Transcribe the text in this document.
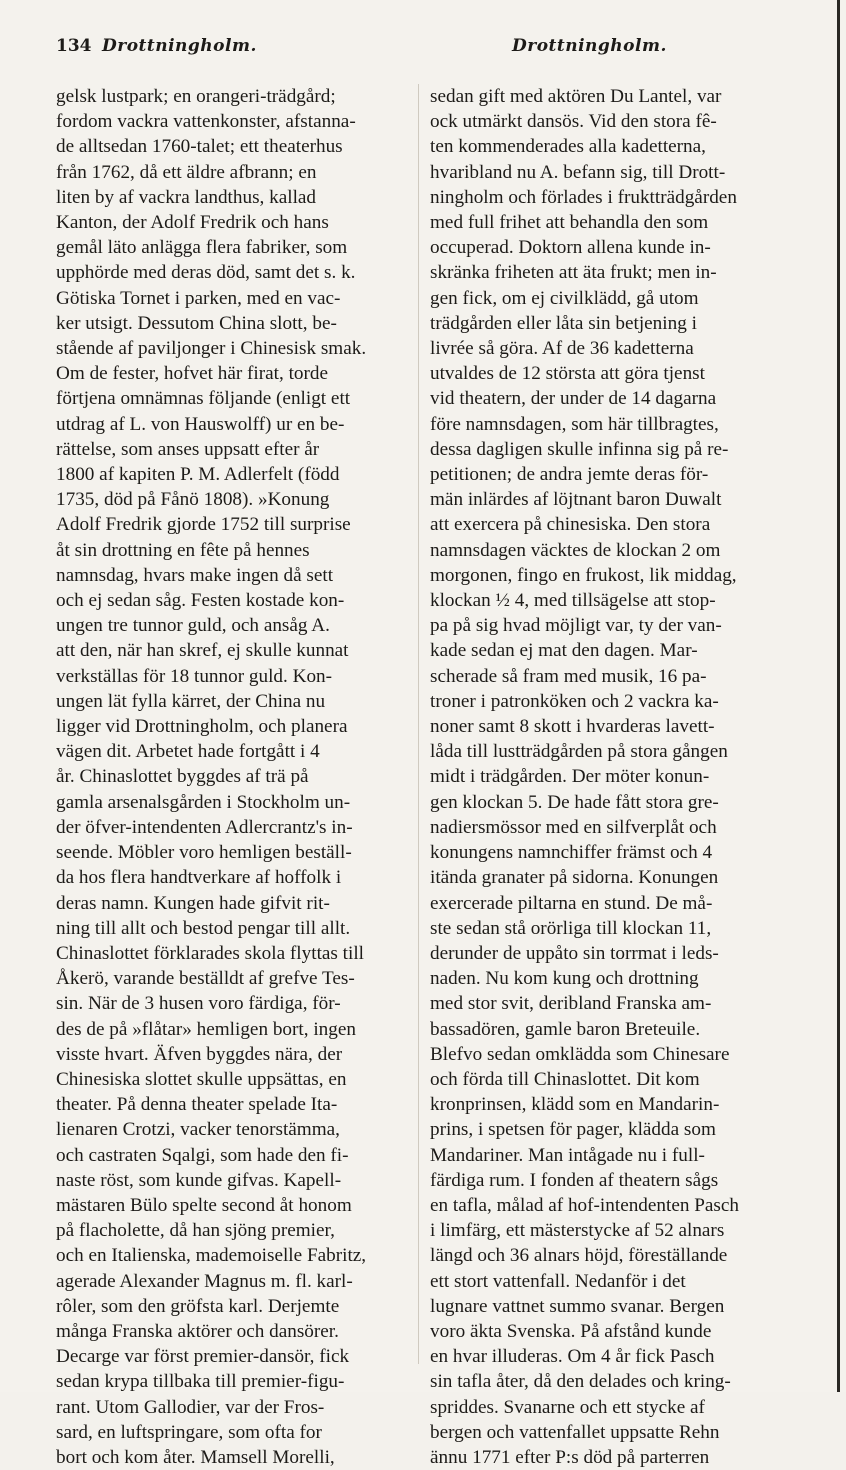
134 Drottningholm.	Drottningholm.
gelsk lustpark; en orangeri-trädgård;
fordom vackra vattenkonster, afstanna-
de alltsedan 1760-talet; ett theaterhus
från 1762, då ett äldre afbrann; en
liten by af vackra landthus, kallad
Kanton, der Adolf Fredrik och hans
gemål läto anlägga flera fabriker, som
upphörde med deras död, samt det s. k.
Götiska Tornet i parken, med en vac-
ker utsigt. Dessutom China slott, be-
stående af paviljonger i Chinesisk smak.
Om de fester, hofvet här firat, torde
förtjena omnämnas följande (enligt ett
utdrag af L. von Hauswolff) ur en be-
rättelse, som anses uppsatt efter år
1800 af kapiten P. M. Adlerfelt (född
1735, död på Fånö 1808). »Konung
Adolf Fredrik gjorde 1752 till surprise
åt sin drottning en fête på hennes
namnsdag, hvars make ingen då sett
och ej sedan såg. Festen kostade kon-
ungen tre tunnor guld, och ansåg A.
att den, när han skref, ej skulle kunnat
verkställas för 18 tunnor guld. Kon-
ungen lät fylla kärret, der China nu
ligger vid Drottningholm, och planera
vägen dit. Arbetet hade fortgått i 4
år. Chinaslottet byggdes af trä på
gamla arsenalsgården i Stockholm un-
der öfver-intendenten Adlercrantz's in-
seende. Möbler voro hemligen beställ-
da hos flera handtverkare af hoffolk i
deras namn. Kungen hade gifvit rit-
ning till allt och bestod pengar till allt.
Chinaslottet förklarades skola flyttas till
Åkerö, varande beställdt af grefve Tes-
sin. När de 3 husen voro färdiga, för-
des de på »flåtar» hemligen bort, ingen
visste hvart. Äfven byggdes nära, der
Chinesiska slottet skulle uppsättas, en
theater. På denna theater spelade Ita-
lienaren Crotzi, vacker tenorstämma,
och castraten Sqalgi, som hade den fi-
naste röst, som kunde gifvas. Kapell-
mästaren Bülo spelte second åt honom
på flacholette, då han sjöng premier,
och en Italienska, mademoiselle Fabritz,
agerade Alexander Magnus m. fl. karl-
rôler, som den gröfsta karl. Derjemte
många Franska aktörer och dansörer.
Decarge var först premier-dansör, fick
sedan krypa tillbaka till premier-figu-
rant. Utom Gallodier, var der Fros-
sard, en luftspringare, som ofta for
bort och kom åter. Mamsell Morelli,
sedan gift med aktören Du Lantel, var
ock utmärkt dansös. Vid den stora fê-
ten kommenderades alla kadetterna,
hvaribland nu A. befann sig, till Drott-
ningholm och förlades i fruktträdgården
med full frihet att behandla den som
occuperad. Doktorn allena kunde in-
skränka friheten att äta frukt; men in-
gen fick, om ej civilklädd, gå utom
trädgården eller låta sin betjening i
livrée så göra. Af de 36 kadetterna
utvaldes de 12 största att göra tjenst
vid theatern, der under de 14 dagarna
före namnsdagen, som här tillbragtes,
dessa dagligen skulle infinna sig på re-
petitionen; de andra jemte deras för-
män inlärdes af löjtnant baron Duwalt
att exercera på chinesiska. Den stora
namnsdagen väcktes de klockan 2 om
morgonen, fingo en frukost, lik middag,
klockan ½ 4, med tillsägelse att stop-
pa på sig hvad möjligt var, ty der van-
kade sedan ej mat den dagen. Mar-
scherade så fram med musik, 16 pa-
troner i patronköken och 2 vackra ka-
noner samt 8 skott i hvarderas lavett-
låda till lustträdgården på stora gången
midt i trädgården. Der möter konun-
gen klockan 5. De hade fått stora gre-
nadiersmössor med en silfverplåt och
konungens namnchiffer främst och 4
itända granater på sidorna. Konungen
exercerade piltarna en stund. De må-
ste sedan stå orörliga till klockan 11,
derunder de uppåto sin torrmat i leds-
naden. Nu kom kung och drottning
med stor svit, deribland Franska am-
bassadören, gamle baron Breteuile.
Blefvo sedan omklädda som Chinesare
och förda till Chinaslottet. Dit kom
kronprinsen, klädd som en Mandarin-
prins, i spetsen för pager, klädda som
Mandariner. Man intågade nu i full-
färdiga rum. I fonden af theatern sågs
en tafla, målad af hof-intendenten Pasch
i limfärg, ett mästerstycke af 52 alnars
längd och 36 alnars höjd, föreställande
ett stort vattenfall. Nedanför i det
lugnare vattnet summo svanar. Bergen
voro äkta Svenska. På afstånd kunde
en hvar illuderas. Om 4 år fick Pasch
sin tafla åter, då den delades och kring-
spriddes. Svanarne och ett stycke af
bergen och vattenfallet uppsatte Rehn
ännu 1771 efter P:s död på parterren
